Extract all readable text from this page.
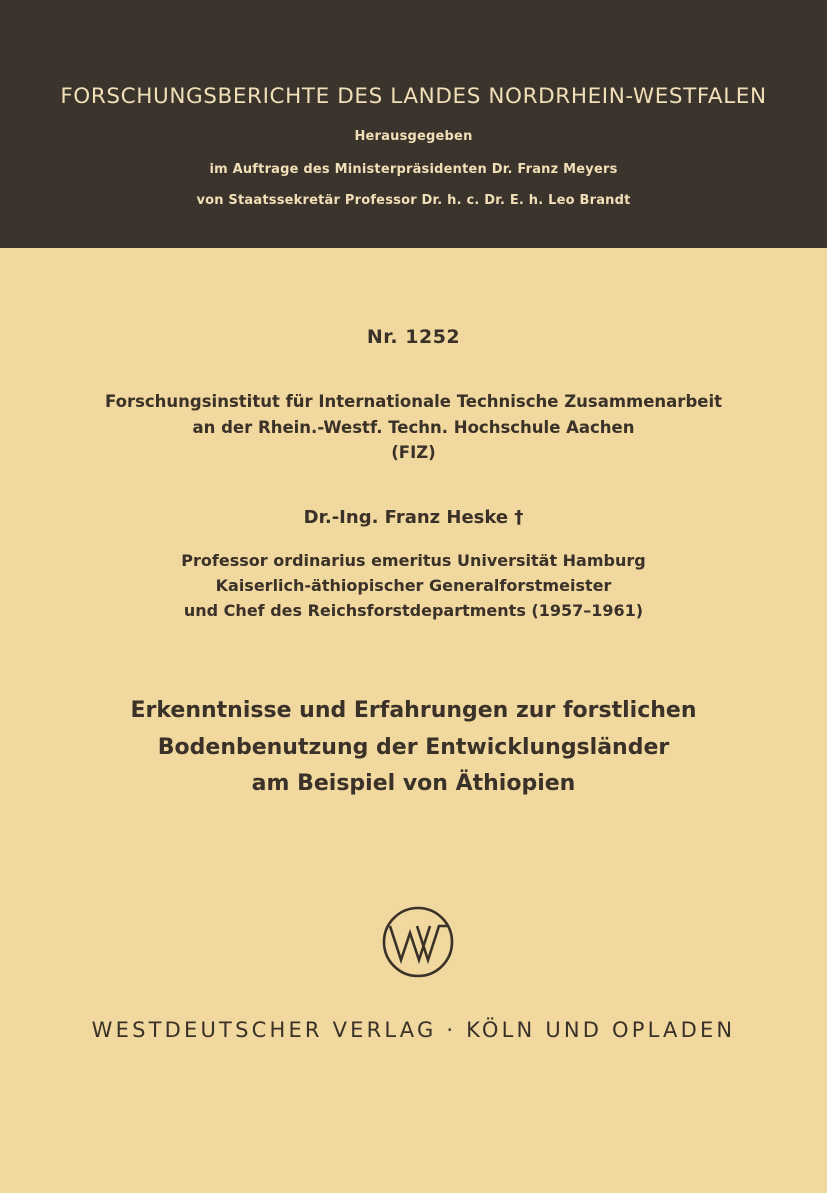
FORSCHUNGSBERICHTE DES LANDES NORDRHEIN-WESTFALEN
Herausgegeben
im Auftrage des Ministerpräsidenten Dr. Franz Meyers
von Staatssekretär Professor Dr. h. c. Dr. E. h. Leo Brandt
Nr. 1252
Forschungsinstitut für Internationale Technische Zusammenarbeit
an der Rhein.-Westf. Techn. Hochschule Aachen
(FIZ)
Dr.-Ing. Franz Heske †
Professor ordinarius emeritus Universität Hamburg
Kaiserlich-äthiopischer Generalforstmeister
und Chef des Reichsforstdepartments (1957–1961)
Erkenntnisse und Erfahrungen zur forstlichen
Bodenbenutzung der Entwicklungsländer
am Beispiel von Äthiopien
WESTDEUTSCHER VERLAG · KÖLN UND OPLADEN
